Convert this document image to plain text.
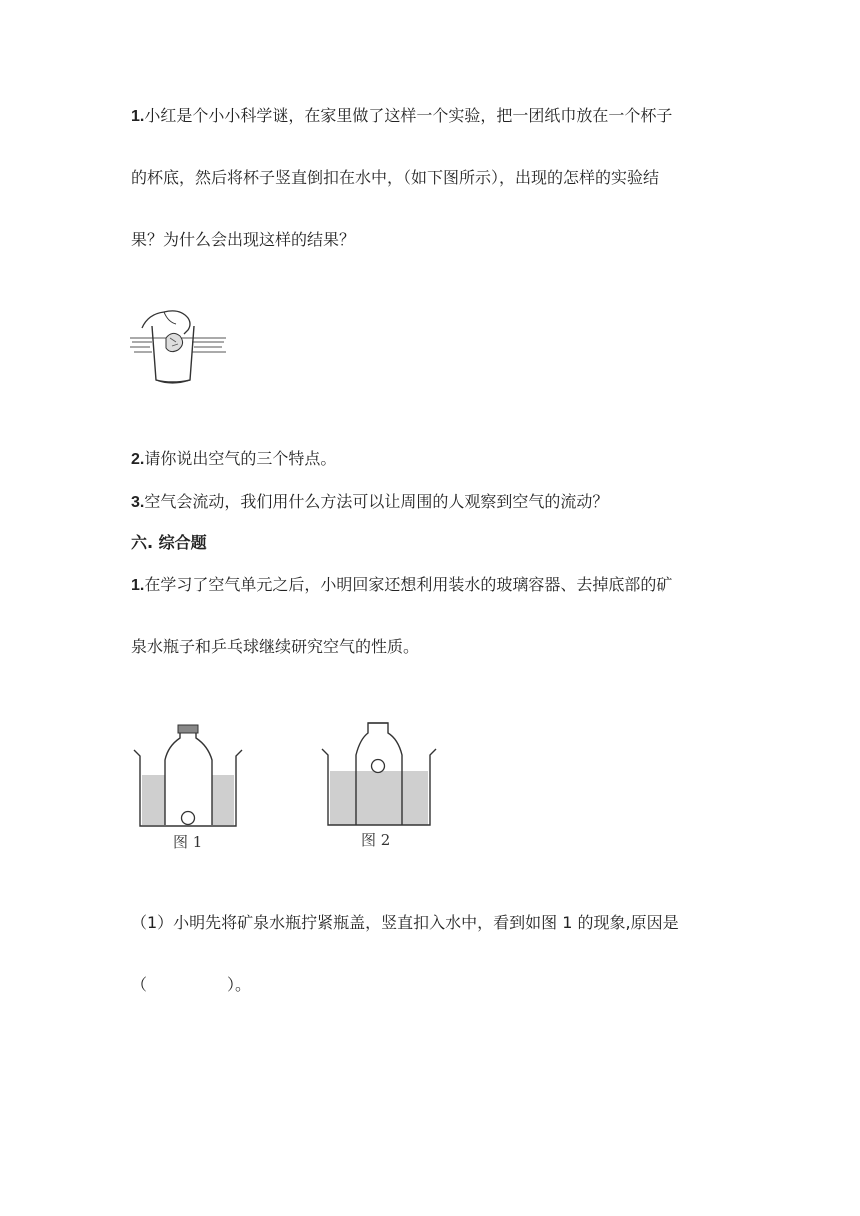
1.小红是个小小科学谜，在家里做了这样一个实验，把一团纸巾放在一个杯子
的杯底，然后将杯子竖直倒扣在水中，（如下图所示），出现的怎样的实验结
果？为什么会出现这样的结果？
2.请你说出空气的三个特点。
3.空气会流动，我们用什么方法可以让周围的人观察到空气的流动？
六. 综合题
1.在学习了空气单元之后，小明回家还想利用装水的玻璃容器、去掉底部的矿
泉水瓶子和乒乓球继续研究空气的性质。
图 1	图 2
（1）小明先将矿泉水瓶拧紧瓶盖，竖直扣入水中，看到如图 1 的现象,原因是
（　　　　　）。
